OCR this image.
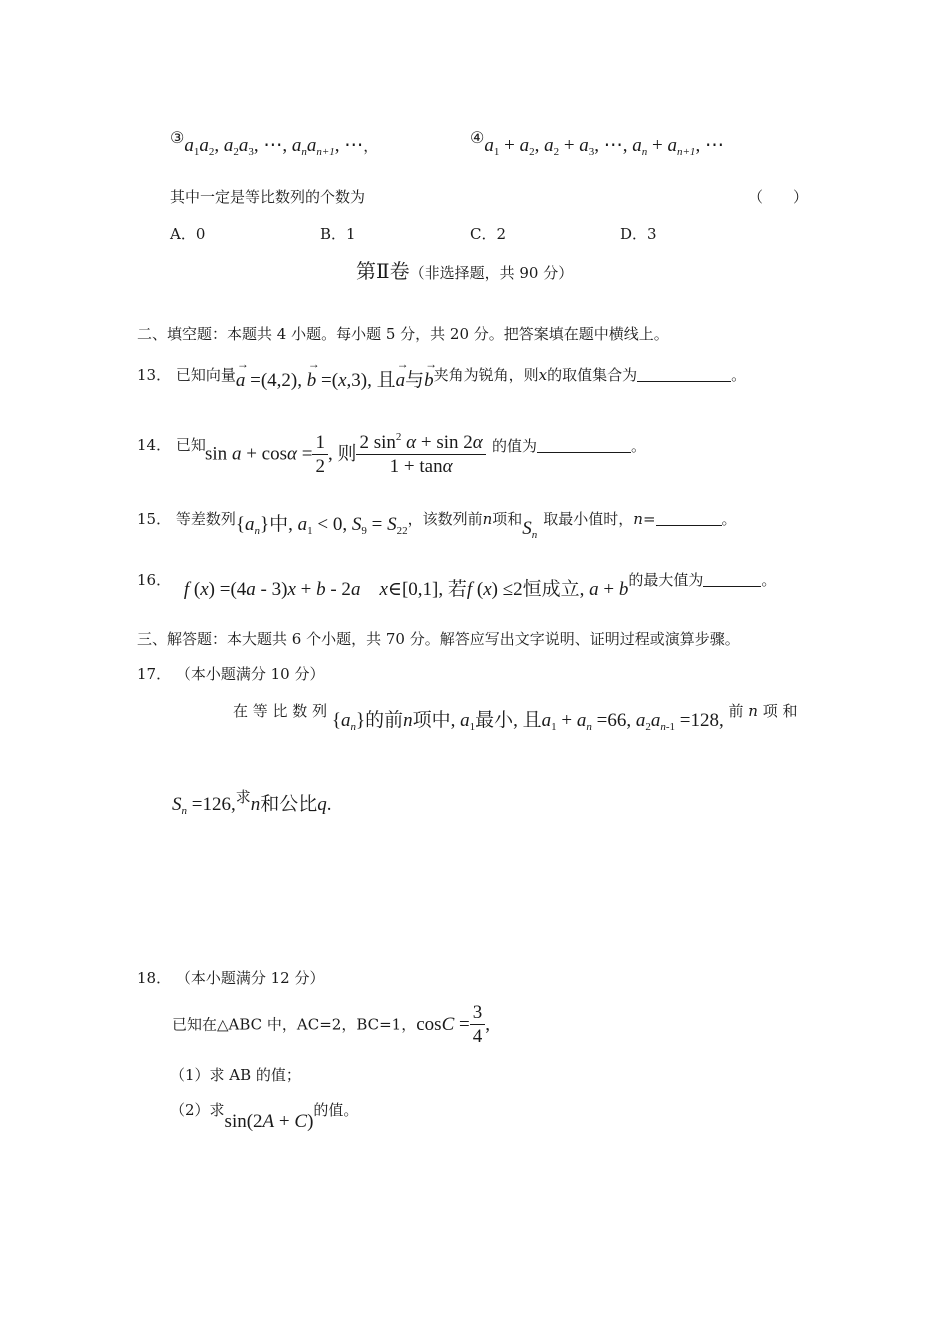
$③a_1a_2$, $a_2a_3$, ⋯, $a_na_{n+1}$, ⋯，	$④a_1 + a_2$, $a_2 + a_3$, ⋯, $a_n + a_{n+1}$, ⋯
其中一定是等比数列的个数为	（　　）
A．0	B．1	C．2	D．3
第Ⅱ卷（非选择题，共 90 分）
二、填空题：本题共 4 小题。每小题 5 分，共 20 分。把答案填在题中横线上。
13． 已知向量→ a =(4,2), → b =(x,3), 且→ a与→ b夹角为锐角，则x的取值集合为	。
14． 已知 $\sin a + \cos\alpha = \frac{1}{2}$ , 则 $\frac{2 \sin^2 \alpha + \sin 2\alpha}{1 + \tan\alpha}$ 的值为	。
15． 等差数列$\{a_n\}$中, $a_1 < 0$, $S_9 = S_{22}$，该数列前n项和$S_n$取最小值时，n=	。
16． f (x) =(4a - 3)x + b - 2a x∈[0,1], 若f (x) ≤2恒成立, a + b的最大值为	。
三、解答题：本大题共 6 个小题，共 70 分。解答应写出文字说明、证明过程或演算步骤。
17． （本小题满分 10 分）
在 等 比 数 列 $\{a_n\}$的前n项中, $a_1$最小, 且$a_1 + a_n =66$, $a_2a_{n-1} =128$, 前 n 项 和
$S_n =126$,求n和公比q.
18． （本小题满分 12 分）
已知在△ABC 中，AC=2，BC=1，$\cos C = \frac{3}{4}$ ,
（1）求 AB 的值；
（2）求sin(2A + C)的值。
